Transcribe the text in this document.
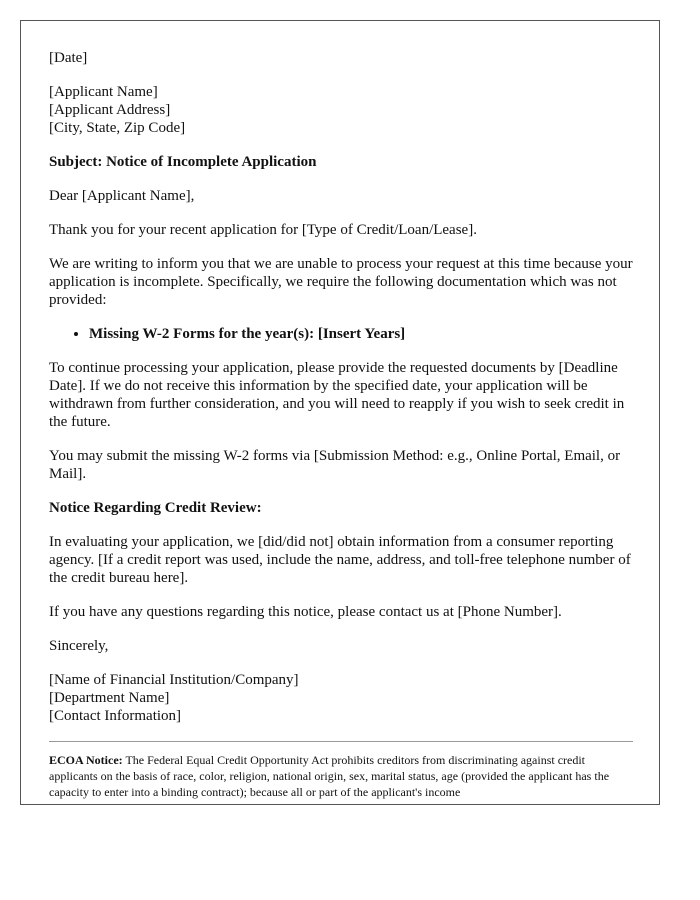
[Date]

[Applicant Name]
[Applicant Address]
[City, State, Zip Code]

Subject: Notice of Incomplete Application

Dear [Applicant Name],

Thank you for your recent application for [Type of Credit/Loan/Lease].

We are writing to inform you that we are unable to process your request at this time because your application is incomplete. Specifically, we require the following documentation which was not provided:

• Missing W-2 Forms for the year(s): [Insert Years]

To continue processing your application, please provide the requested documents by [Deadline Date]. If we do not receive this information by the specified date, your application will be withdrawn from further consideration, and you will need to reapply if you wish to seek credit in the future.

You may submit the missing W-2 forms via [Submission Method: e.g., Online Portal, Email, or Mail].

Notice Regarding Credit Review:

In evaluating your application, we [did/did not] obtain information from a consumer reporting agency. [If a credit report was used, include the name, address, and toll-free telephone number of the credit bureau here].

If you have any questions regarding this notice, please contact us at [Phone Number].

Sincerely,

[Name of Financial Institution/Company]
[Department Name]
[Contact Information]

ECOA Notice: The Federal Equal Credit Opportunity Act prohibits creditors from discriminating against credit applicants on the basis of race, color, religion, national origin, sex, marital status, age (provided the applicant has the capacity to enter into a binding contract); because all or part of the applicant's income
